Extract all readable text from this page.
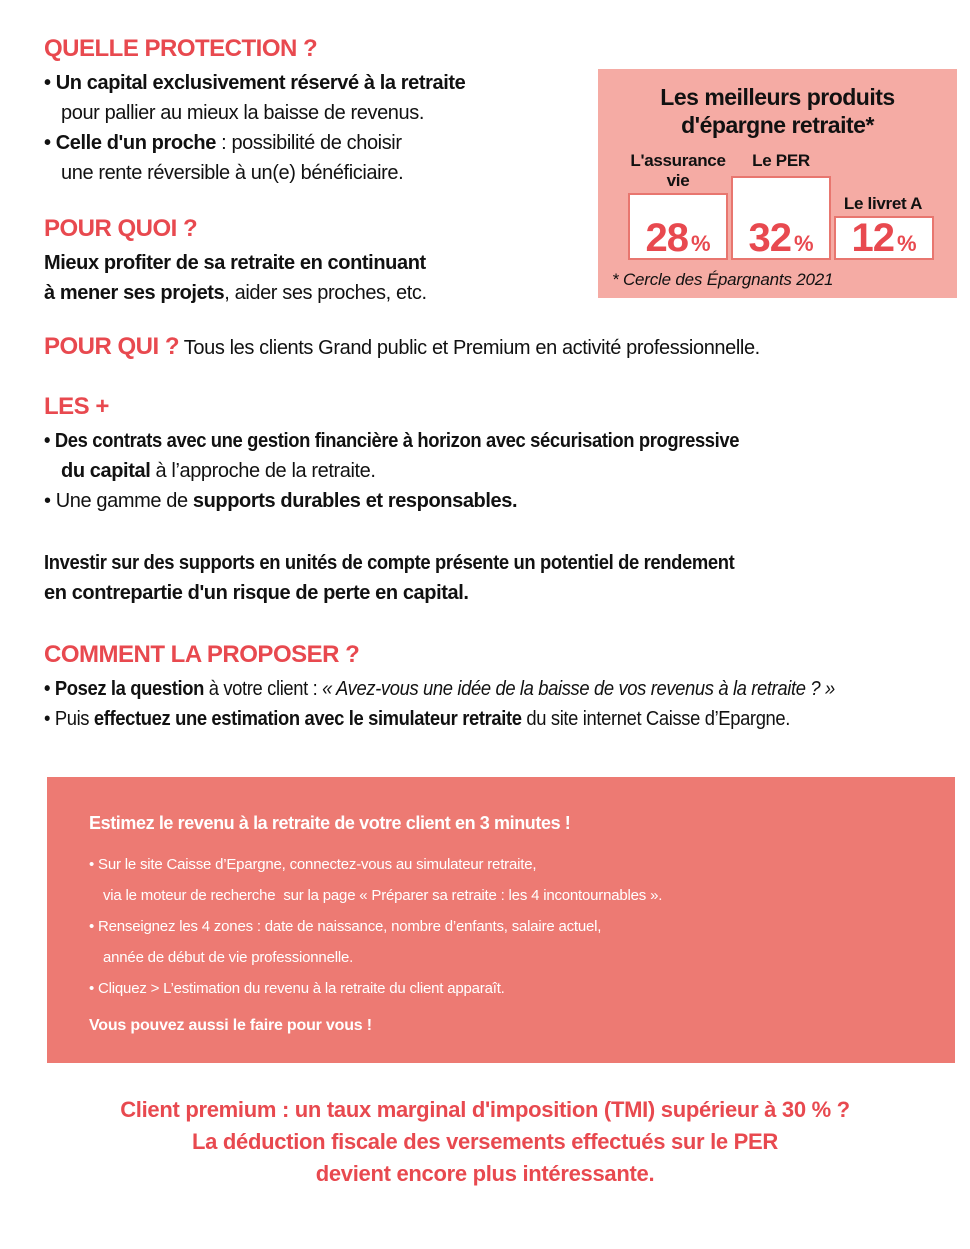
QUELLE PROTECTION ?
• Un capital exclusivement réservé à la retraite
pour pallier au mieux la baisse de revenus.
• Celle d'un proche : possibilité de choisir
une rente réversible à un(e) bénéficiaire.
POUR QUOI ?
Mieux profiter de sa retraite en continuant
à mener ses projets, aider ses proches, etc.
Les meilleurs produits
d'épargne retraite*
L'assurance
vie
Le PER
Le livret A
28 % 32 % 12 %
* Cercle des Épargnants 2021
POUR QUI ? Tous les clients Grand public et Premium en activité professionnelle.
LES +
• Des contrats avec une gestion financière à horizon avec sécurisation progressive
du capital à l’approche de la retraite.
• Une gamme de supports durables et responsables.
Investir sur des supports en unités de compte présente un potentiel de rendement
en contrepartie d'un risque de perte en capital.
COMMENT LA PROPOSER ?
• Posez la question à votre client : « Avez-vous une idée de la baisse de vos revenus à la retraite ? »
• Puis effectuez une estimation avec le simulateur retraite du site internet Caisse d’Epargne.
Estimez le revenu à la retraite de votre client en 3 minutes !
• Sur le site Caisse d’Epargne, connectez-vous au simulateur retraite,
via le moteur de recherche  sur la page « Préparer sa retraite : les 4 incontournables ».
• Renseignez les 4 zones : date de naissance, nombre d’enfants, salaire actuel,
année de début de vie professionnelle.
• Cliquez > L’estimation du revenu à la retraite du client apparaît.
Vous pouvez aussi le faire pour vous !
Client premium : un taux marginal d'imposition (TMI) supérieur à 30 % ?
La déduction fiscale des versements effectués sur le PER
devient encore plus intéressante.
